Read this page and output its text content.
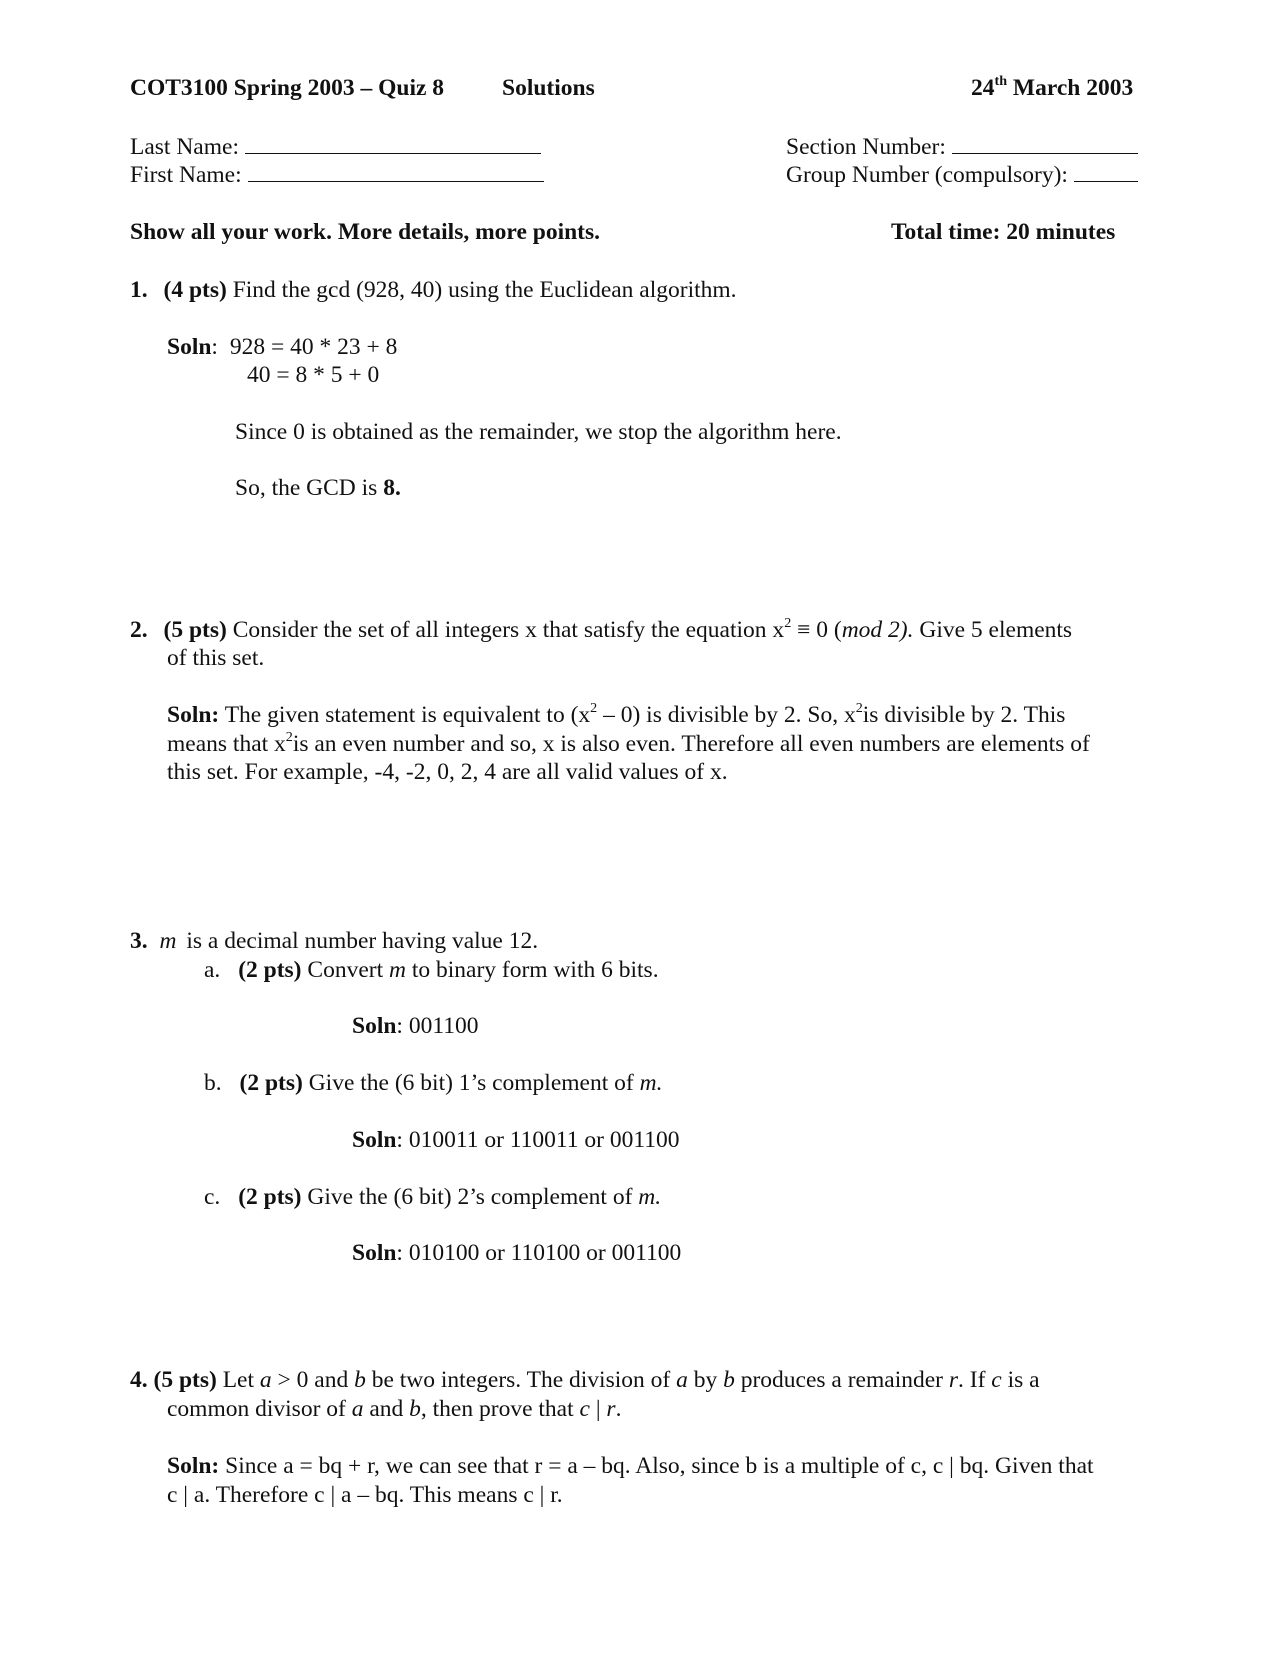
COT3100 Spring 2003 – Quiz 8 Solutions	24th March 2003
Last Name:
First Name:
Section Number:
Group Number (compulsory):
Show all your work. More details, more points.	Total time: 20 minutes
1. (4 pts) Find the gcd (928, 40) using the Euclidean algorithm.
Soln: 928 = 40 * 23 + 8
40 = 8 * 5 + 0
Since 0 is obtained as the remainder, we stop the algorithm here.
So, the GCD is 8.
2. (5 pts) Consider the set of all integers x that satisfy the equation $x^2 \equiv 0$ (mod 2). Give 5 elements
of this set.
Soln: The given statement is equivalent to $(x^2 - 0)$ is divisible by 2. So, $x^2is$ divisible by 2. This
means that $x^2is$ an even number and so, x is also even. Therefore all even numbers are elements of
this set. For example, -4, -2, 0, 2, 4 are all valid values of x.
3. m is a decimal number having value 12.
a. (2 pts) Convert m to binary form with 6 bits.
Soln: 001100
b. (2 pts) Give the (6 bit) 1’s complement of m.
Soln: 010011 or 110011 or 001100
c. (2 pts) Give the (6 bit) 2’s complement of m.
Soln: 010100 or 110100 or 001100
4. (5 pts) Let a > 0 and b be two integers. The division of a by b produces a remainder r. If c is a
common divisor of a and b, then prove that c | r.
Soln: Since a = bq + r, we can see that r = a – bq. Also, since b is a multiple of c, c | bq. Given that
c | a. Therefore c | a – bq. This means c | r.
